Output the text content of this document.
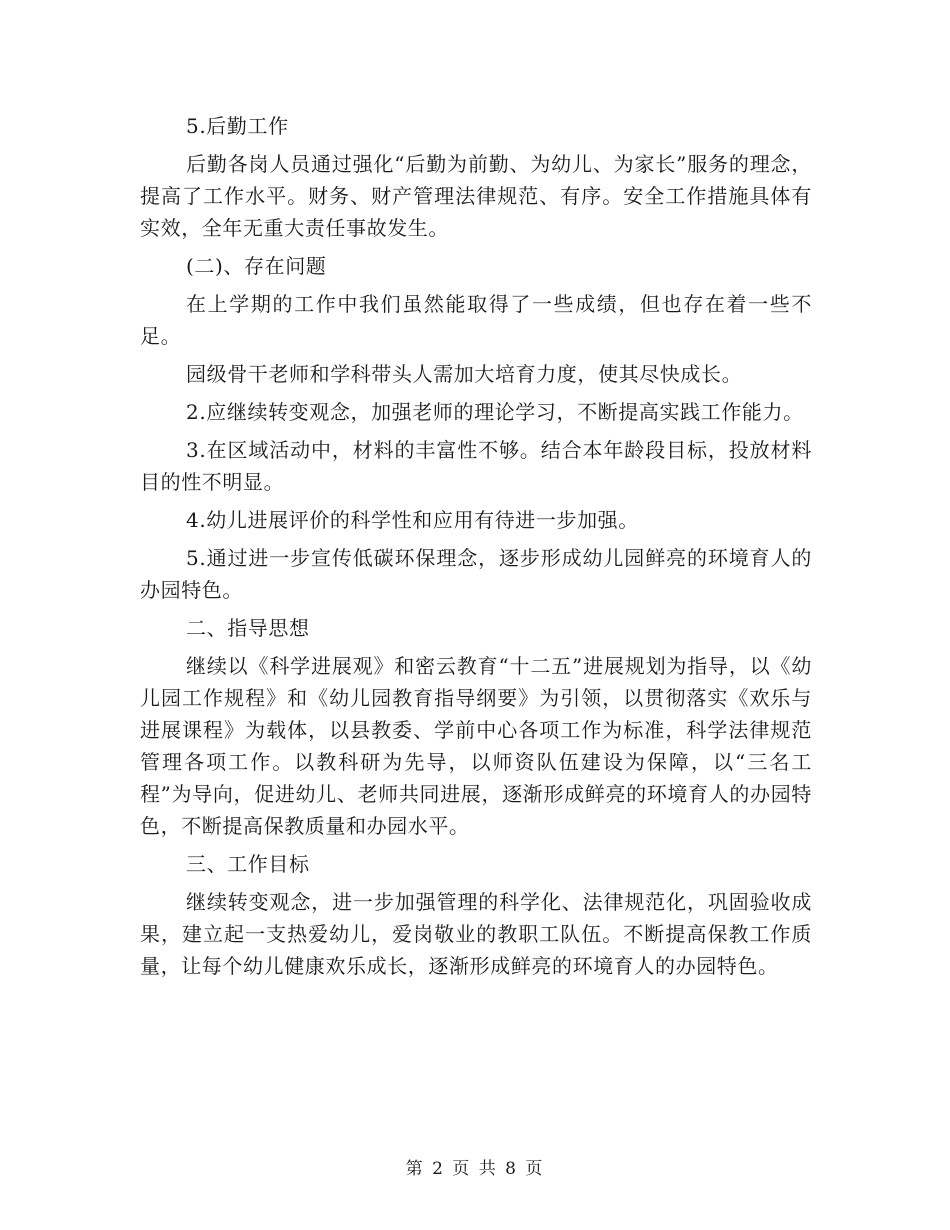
5.后勤工作

后勤各岗人员通过强化“后勤为前勤、为幼儿、为家长”服务的理念，提高了工作水平。财务、财产管理法律规范、有序。安全工作措施具体有实效，全年无重大责任事故发生。

(二)、存在问题

在上学期的工作中我们虽然能取得了一些成绩，但也存在着一些不足。

园级骨干老师和学科带头人需加大培育力度，使其尽快成长。

2.应继续转变观念，加强老师的理论学习，不断提高实践工作能力。

3.在区域活动中，材料的丰富性不够。结合本年龄段目标，投放材料目的性不明显。

4.幼儿进展评价的科学性和应用有待进一步加强。

5.通过进一步宣传低碳环保理念，逐步形成幼儿园鲜亮的环境育人的办园特色。

二、指导思想

继续以《科学进展观》和密云教育“十二五”进展规划为指导，以《幼儿园工作规程》和《幼儿园教育指导纲要》为引领，以贯彻落实《欢乐与进展课程》为载体，以县教委、学前中心各项工作为标准，科学法律规范管理各项工作。以教科研为先导，以师资队伍建设为保障，以“三名工程”为导向，促进幼儿、老师共同进展，逐渐形成鲜亮的环境育人的办园特色，不断提高保教质量和办园水平。

三、工作目标

继续转变观念，进一步加强管理的科学化、法律规范化，巩固验收成果，建立起一支热爱幼儿，爱岗敬业的教职工队伍。不断提高保教工作质量，让每个幼儿健康欢乐成长，逐渐形成鲜亮的环境育人的办园特色。

第 2 页 共 8 页
